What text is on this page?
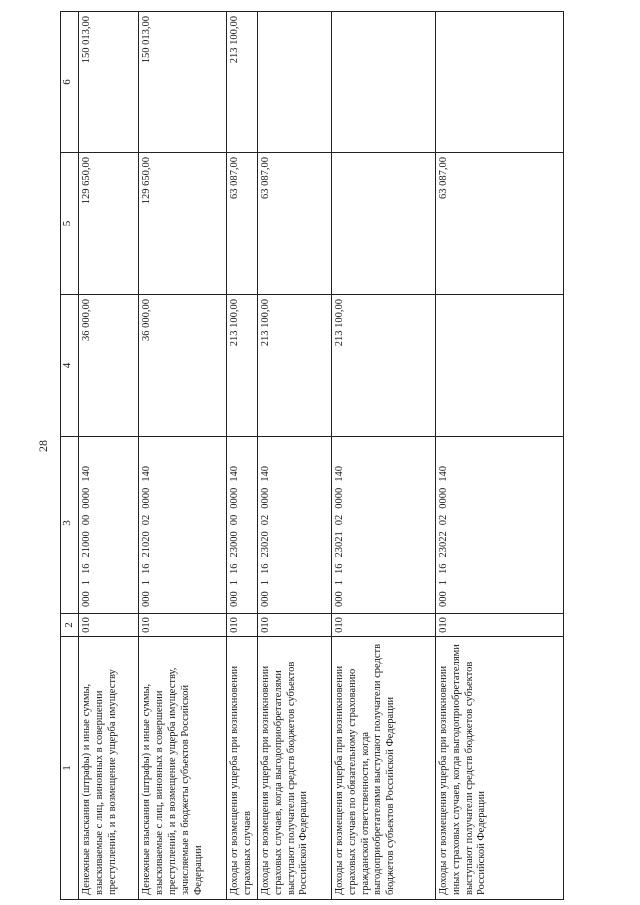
28
1	2	3	4	5	6
Денежные взыскания (штрафы) и иные суммы, взыскиваемые с лиц, виновных в совершении преступлений, и в возмещение ущерба имуществу	010	00011621000000000140	36 000,00	129 650,00	150 013,00
Денежные взыскания (штрафы) и иные суммы, взыскиваемые с лиц, виновных в совершении преступлений, и в возмещение ущерба имуществу, зачисляемые в бюджеты субъектов Российской Федерации	010	00011621020020000140	36 000,00	129 650,00	150 013,00
Доходы от возмещения ущерба при возникновении страховых случаев	010	00011623000000000140	213 100,00	63 087,00	213 100,00
Доходы от возмещения ущерба при возникновении страховых случаев, когда выгодоприобретателями выступают получатели средств бюджетов субъектов Российской Федерации	010	00011623020020000140	213 100,00	63 087,00	
Доходы от возмещения ущерба при возникновении страховых случаев по обязательному страхованию гражданской ответственности, когда выгодоприобретателями выступают получатели средств бюджетов субъектов Российской Федерации	010	00011623021020000140	213 100,00		
Доходы от возмещения ущерба при возникновении иных страховых случаев, когда выгодоприобретателями выступают получатели средств бюджетов субъектов Российской Федерации	010	00011623022020000140		63 087,00	
